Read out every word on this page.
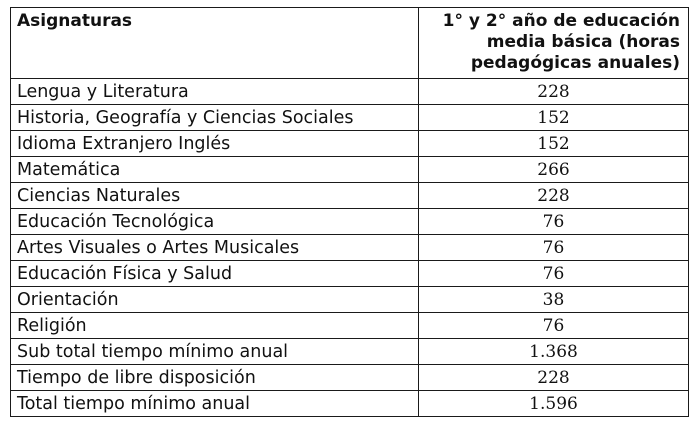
Asignaturas	1° y 2° año de educación
media básica (horas
pedagógicas anuales)

Lengua y Literatura	228
Historia, Geografía y Ciencias Sociales	152
Idioma Extranjero Inglés	152
Matemática	266
Ciencias Naturales	228
Educación Tecnológica	76
Artes Visuales o Artes Musicales	76
Educación Física y Salud	76
Orientación	38
Religión	76
Sub total tiempo mínimo anual	1.368
Tiempo de libre disposición	228
Total tiempo mínimo anual	1.596
